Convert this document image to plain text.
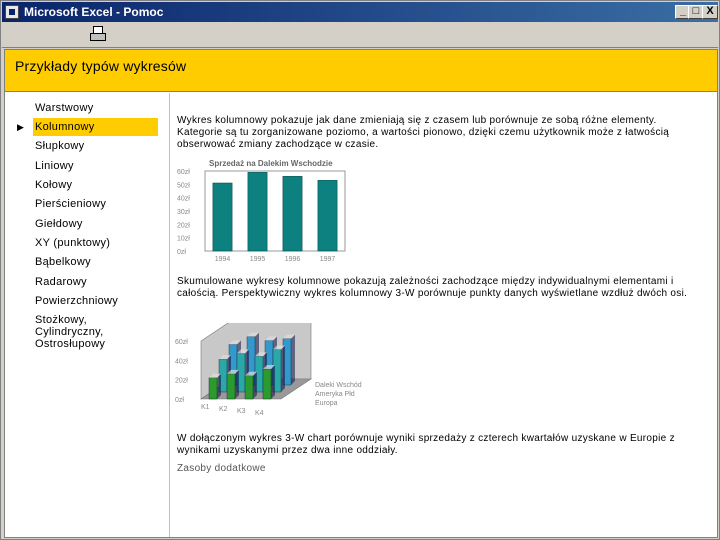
Microsoft Excel - Pomoc	_ □ X
Przykłady typów wykresów
Warstwowy
▶ Kolumnowy
Słupkowy
Liniowy
Kołowy
Pierścieniowy
Giełdowy
XY (punktowy)
Bąbelkowy
Radarowy
Powierzchniowy
Stożkowy, Cylindryczny, Ostrosłupowy
Wykres kolumnowy pokazuje jak dane zmieniają się z czasem lub porównuje ze sobą różne elementy. Kategorie są tu zorganizowane poziomo, a wartości pionowo, dzięki czemu użytkownik może z łatwością obserwować zmiany zachodzące w czasie.
Sprzedaż na Dalekim Wschodzie
0zł
10zł
20zł
30zł
40zł
50zł
60zł
1994	1995	1996	1997
Skumulowane wykresy kolumnowe pokazują zależności zachodzące między indywidualnymi elementami i całością. Perspektywiczny wykres kolumnowy 3-W porównuje punkty danych wyświetlane wzdłuż dwóch osi.
0zł
20zł
40zł
60zł
K1 K2 K3 K4
Daleki Wschód
Ameryka Płd
Europa
W dołączonym wykres 3-W chart porównuje wyniki sprzedaży z czterech kwartałów uzyskane w Europie z wynikami uzyskanymi przez dwa inne oddziały.
Zasoby dodatkowe
